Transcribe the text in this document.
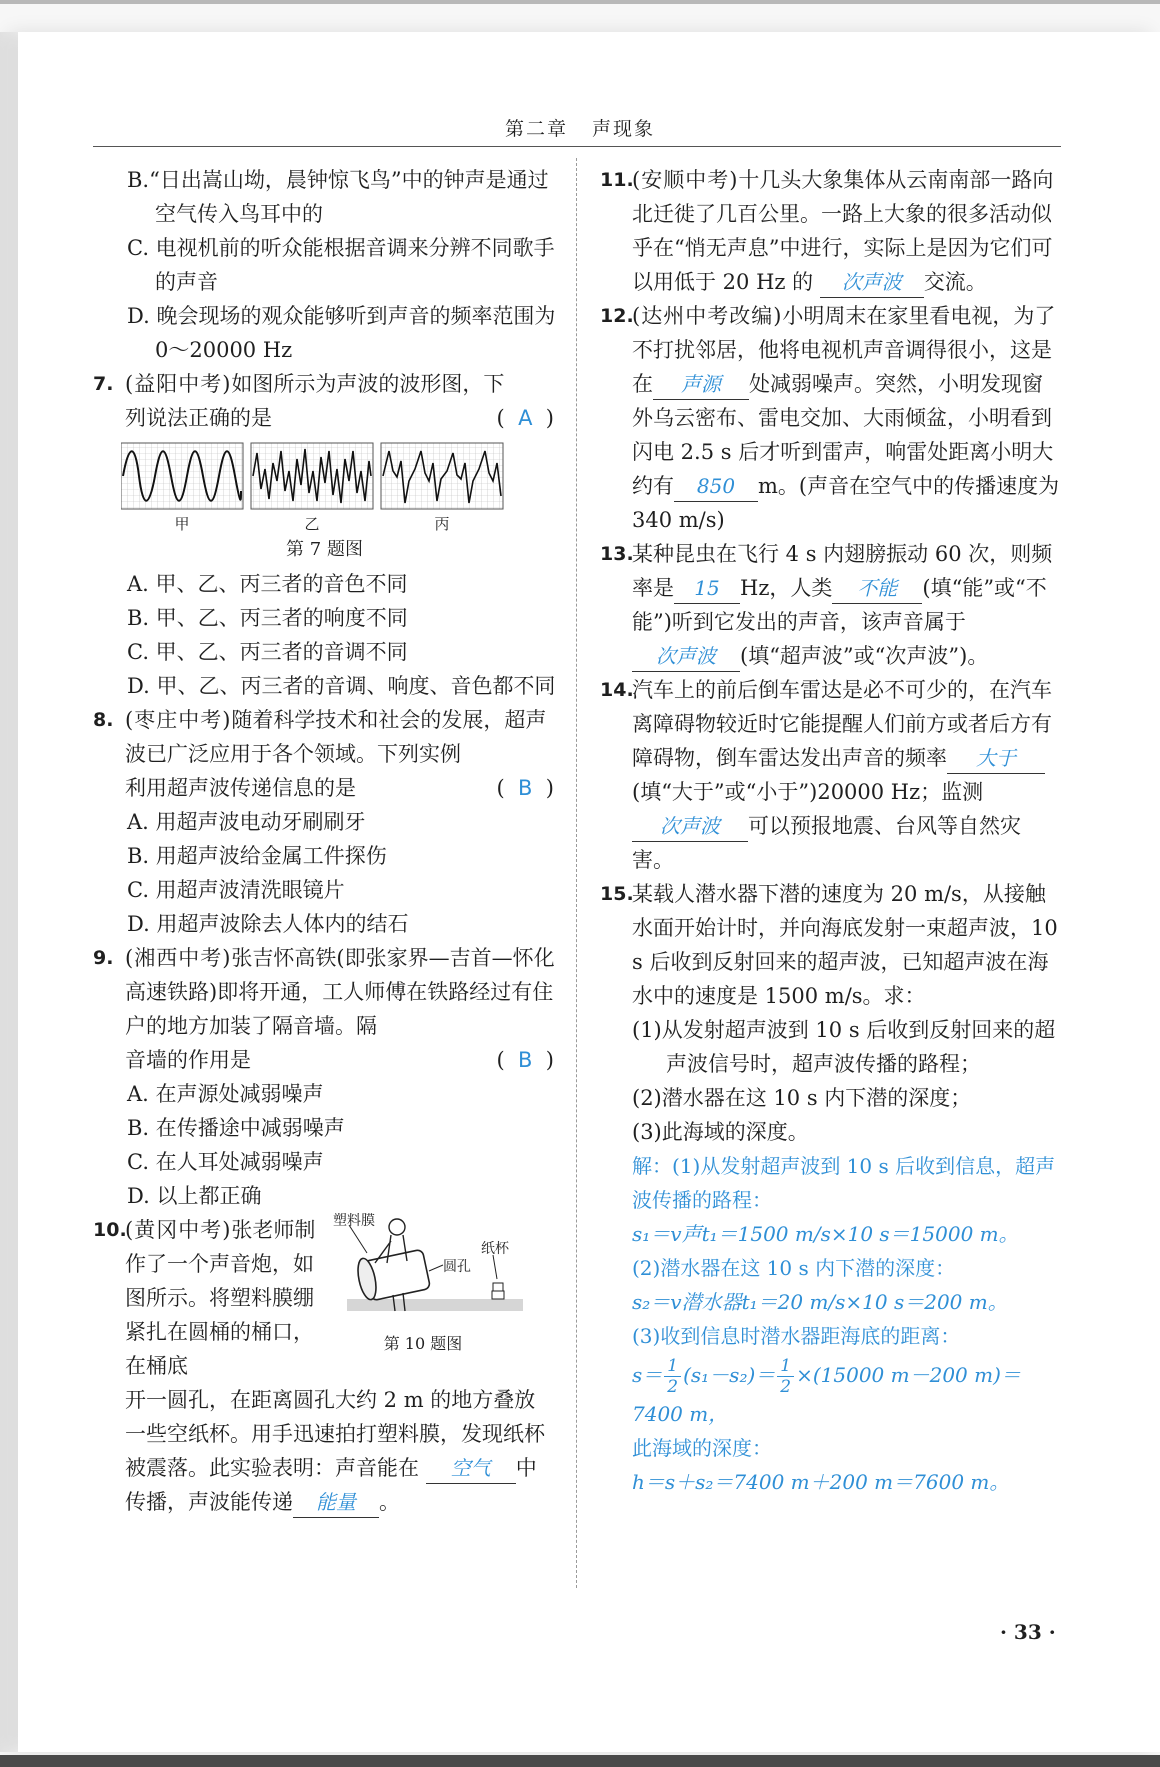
第二章 声现象

B.“日出嵩山坳，晨钟惊飞鸟”中的钟声是通过空气传入鸟耳中的

C. 电视机前的听众能根据音调来分辨不同歌手的声音

D. 晚会现场的观众能够听到声音的频率范围为 0～20000 Hz

7. (益阳中考)如图所示为声波的波形图，下
列说法正确的是	(  A  )
甲	乙	丙

第 7 题图

A. 甲、乙、丙三者的音色不同

B. 甲、乙、丙三者的响度不同

C. 甲、乙、丙三者的音调不同

D. 甲、乙、丙三者的音调、响度、音色都不同

8. (枣庄中考)随着科学技术和社会的发展，超声波已广泛应用于各个领域。下列实例
利用超声波传递信息的是	(  B  )

A. 用超声波电动牙刷刷牙

B. 用超声波给金属工件探伤

C. 用超声波清洗眼镜片

D. 用超声波除去人体内的结石

9. (湘西中考)张吉怀高铁(即张家界—吉首—怀化高速铁路)即将开通，工人师傅在铁路经过有住户的地方加装了隔音墙。隔
音墙的作用是	(  B  )

A. 在声源处减弱噪声

B. 在传播途中减弱噪声

C. 在人耳处减弱噪声

D. 以上都正确

10.
(黄冈中考)张老师制作了一个声音炮，如图所示。将塑料膜绷紧扎在圆桶的桶口，在桶底
塑料膜
圆孔
纸杯
第 10 题图
开一圆孔，在距离圆孔大约 2 m 的地方叠放一些空纸杯。用手迅速拍打塑料膜，发现纸杯被震落。此实验表明：声音能在 空气 中传播，声波能传递 能量 。
11.
(安顺中考)十几头大象集体从云南南部一路向北迁徙了几百公里。一路上大象的很多活动似乎在“悄无声息”中进行，实际上是因为它们可以用低于 20 Hz 的 次声波 交流。
12.
(达州中考改编)小明周末在家里看电视，为了不打扰邻居，他将电视机声音调得很小，这是在 声源 处减弱噪声。突然，小明发现窗外乌云密布、雷电交加、大雨倾盆，小明看到闪电 2.5 s 后才听到雷声，响雷处距离小明大约有 850 m。(声音在空气中的传播速度为 340 m/s)
13.
某种昆虫在飞行 4 s 内翅膀振动 60 次，则频率是 15 Hz，人类 不能 (填“能”或“不能”)听到它发出的声音，该声音属于次声波 (填“超声波”或“次声波”)。
14.
汽车上的前后倒车雷达是必不可少的，在汽车离障碍物较近时它能提醒人们前方或者后方有障碍物，倒车雷达发出声音的频率 大于(填“大于”或“小于”)20000 Hz；监测次声波 可以预报地震、台风等自然灾害。
15.
某载人潜水器下潜的速度为 20 m/s，从接触水面开始计时，并向海底发射一束超声波，10 s 后收到反射回来的超声波，已知超声波在海水中的速度是 1500 m/s。求：

(1)从发射超声波到 10 s 后收到反射回来的超声波信号时，超声波传播的路程；

(2)潜水器在这 10 s 内下潜的深度；

(3)此海域的深度。

解：(1)从发射超声波到 10 s 后收到信息，超声波传播的路程：

s₁＝v声t₁＝1500 m/s×10 s＝15000 m。

(2)潜水器在这 10 s 内下潜的深度：

s₂＝v潜水器t₁＝20 m/s×10 s＝200 m。

(3)收到信息时潜水器距海底的距离：

$s= \frac{1}{2} (s_1-s_2)= \frac{1}{2} \times(15000$ m－200 m)＝

7400 m，

此海域的深度：

h＝s＋s₂＝7400 m＋200 m＝7600 m。

· 33 ·
